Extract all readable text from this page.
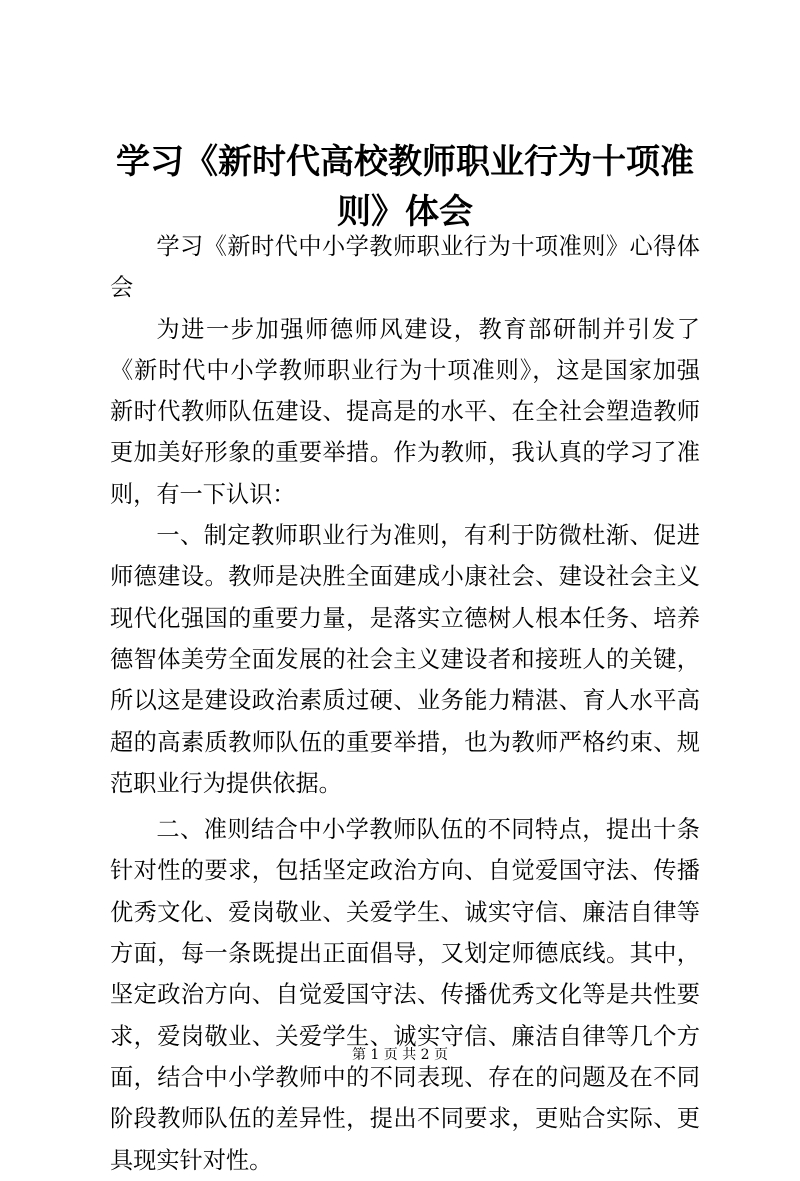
学习《新时代高校教师职业行为十项准则》体会

学习《新时代中小学教师职业行为十项准则》心得体会

为进一步加强师德师风建设，教育部研制并引发了《新时代中小学教师职业行为十项准则》，这是国家加强新时代教师队伍建设、提高是的水平、在全社会塑造教师更加美好形象的重要举措。作为教师，我认真的学习了准则，有一下认识：

一、制定教师职业行为准则，有利于防微杜渐、促进师德建设。教师是决胜全面建成小康社会、建设社会主义现代化强国的重要力量，是落实立德树人根本任务、培养德智体美劳全面发展的社会主义建设者和接班人的关键，所以这是建设政治素质过硬、业务能力精湛、育人水平高超的高素质教师队伍的重要举措，也为教师严格约束、规范职业行为提供依据。

二、准则结合中小学教师队伍的不同特点，提出十条针对性的要求，包括坚定政治方向、自觉爱国守法、传播优秀文化、爱岗敬业、关爱学生、诚实守信、廉洁自律等方面，每一条既提出正面倡导，又划定师德底线。其中，坚定政治方向、自觉爱国守法、传播优秀文化等是共性要求，爱岗敬业、关爱学生、诚实守信、廉洁自律等几个方面，结合中小学教师中的不同表现、存在的问题及在不同阶段教师队伍的差异性，提出不同要求，更贴合实际、更具现实针对性。

第 1 页 共 2 页
